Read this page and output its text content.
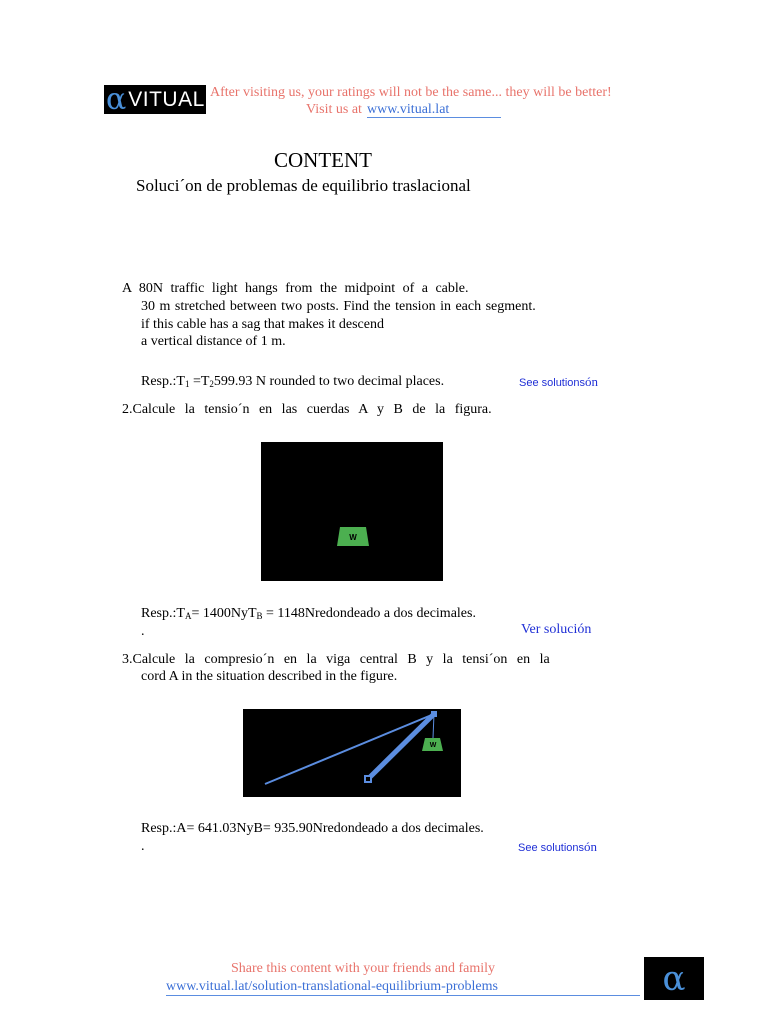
α VITUAL After visiting us, your ratings will not be the same... they will be better!
Visit us at www.vitual.lat
CONTENT
Soluci´on de problemas de equilibrio traslacional
A 80N traffic light hangs from the midpoint of a cable.
30 m stretched between two posts. Find the tension in each segment.
if this cable has a sag that makes it descend
a vertical distance of 1 m.
$Resp.:T_1 =T_2599.93$ N rounded to two decimal places.	See solutionsón
2.Calcule la tensio´n en las cuerdas A y B de la figura.
W
$Resp.:T_A= 1400NyT_B$ = 1148Nredondeado a dos decimales.
.	Ver solución
3.Calcule la compresio´n en la viga central B y la tensi´on en la
cord A in the situation described in the figure.
W
Resp.:A= 641.03NyB= 935.90Nredondeado a dos decimales.
.	See solutionsón
Share this content with your friends and family
www.vitual.lat/solution-translational-equilibrium-problems	α
